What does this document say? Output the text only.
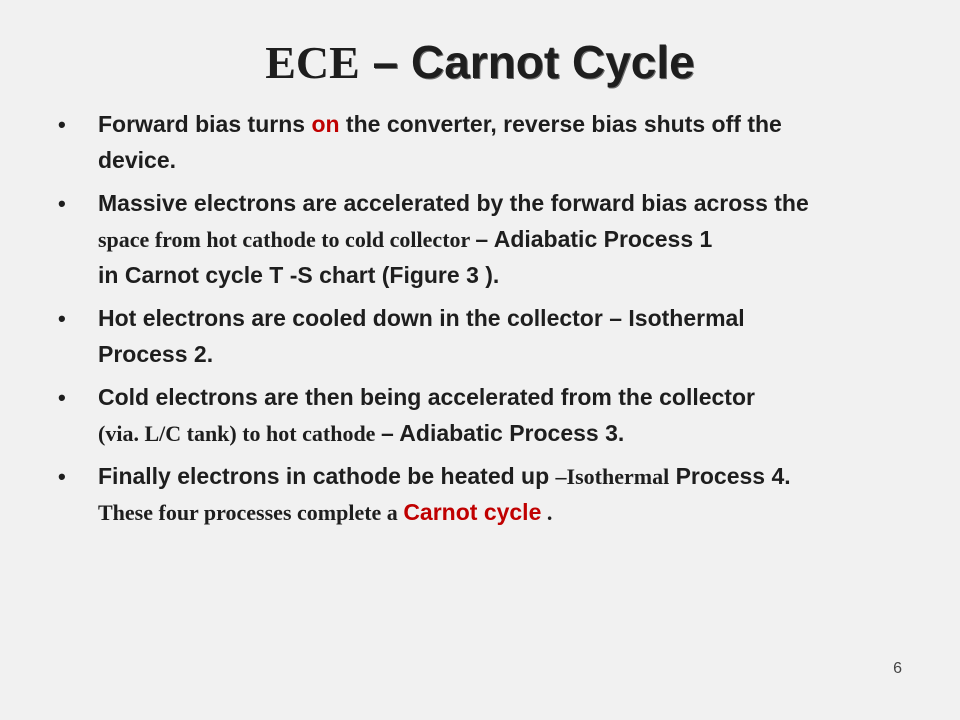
ECE – Carnot Cycle
• Forward bias turns on the converter, reverse bias shuts off the
device.
• Massive electrons are accelerated by the forward bias across the
space from hot cathode to cold collector – Adiabatic Process 1
in Carnot cycle T -S chart (Figure 3 ).
• Hot electrons are cooled down in the collector – Isothermal
Process 2.
• Cold electrons are then being accelerated from the collector
(via. L/C tank) to hot cathode – Adiabatic Process 3.
• Finally electrons in cathode be heated up –Isothermal Process 4.
These four processes complete a Carnot cycle .
6
